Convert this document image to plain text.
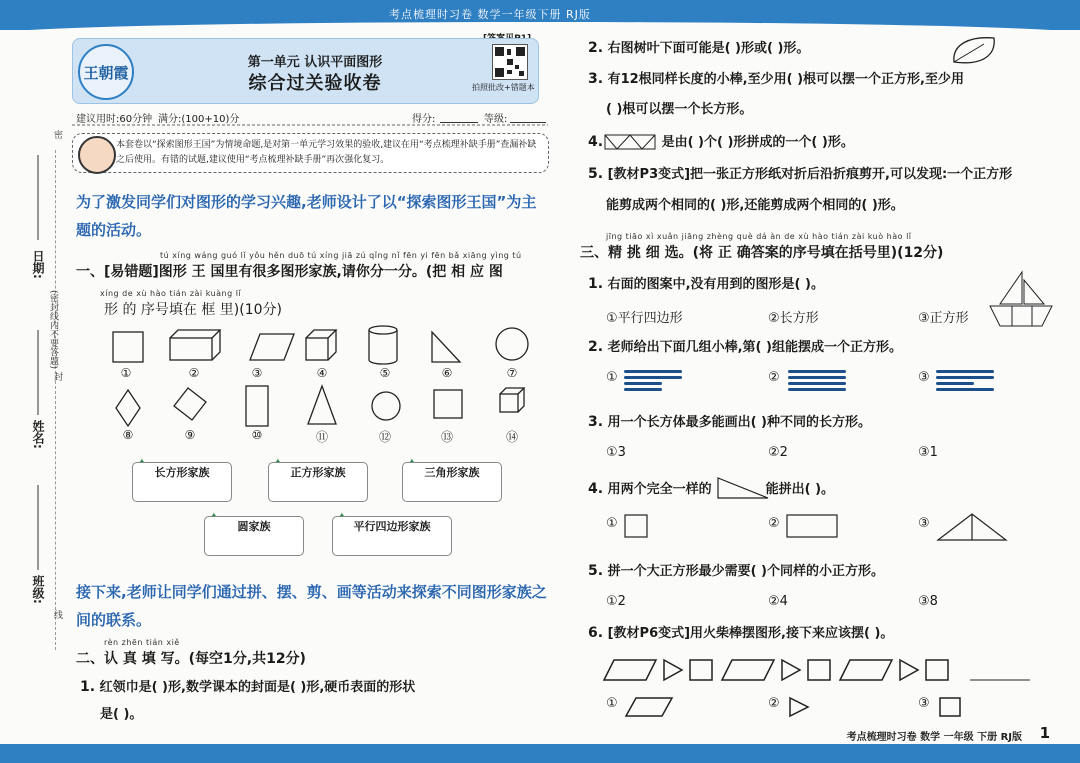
考点梳理时习卷 数学一年级下册 RJ版
日期:
姓名:
班级:
(密封线内不要答题)
密
封
线
王朝霞
第一单元 认识平面图形
综合过关验收卷	拍照批改+错题本
建议用时:60分钟 满分:(100+10)分	得分:	等级:
本套卷以“探索图形王国”为情境命题,是对第一单元学习效果的验收,建议在用“考点梳理补缺手册”查漏补缺之后使用。有错的试题,建议使用“考点梳理补缺手册”再次强化复习。
为了激发同学们对图形的学习兴趣,老师设计了以“探索图形王国”为主题的活动。
tú xíng wáng guó lǐ yǒu hěn duō tú xíng jiā zú qǐng nǐ fēn yi fēn bǎ xiāng yìng tú
一、[易错题]图形 王 国里有很多图形家族,请你分一分。(把 相 应 图
xíng de xù hào tián zài kuàng lǐ
形 的 序号填在 框 里)(10分)
①	②	③	④	⑤	⑥	⑦
⑧	⑨	⑩	⑪	⑫	⑬	⑭
长方形家族	正方形家族	三角形家族
圆家族	平行四边形家族
接下来,老师让同学们通过拼、摆、剪、画等活动来探索不同图形家族之间的联系。
rèn zhēn tián xiě
二、认 真 填 写。(每空1分,共12分)
1. 红领巾是( )形,数学课本的封面是( )形,硬币表面的形状
是( )。
2. 右图树叶下面可能是( )形或( )形。
3. 有12根同样长度的小棒,至少用( )根可以摆一个正方形,至少用
( )根可以摆一个长方形。
4.	是由( )个( )形拼成的一个( )形。
5. [教材P3变式]把一张正方形纸对折后沿折痕剪开,可以发现:一个正方形
能剪成两个相同的( )形,还能剪成两个相同的( )形。
jīng tiāo xì xuǎn jiāng zhèng què dá àn de xù hào tián zài kuò hào lǐ
三、精 挑 细 选。(将 正 确答案的序号填在括号里)(12分)
1. 右面的图案中,没有用到的图形是( )。
①平行四边形	②长方形	③正方形
2. 老师给出下面几组小棒,第( )组能摆成一个正方形。
①	②	③
3. 用一个长方体最多能画出( )种不同的长方形。
①3	②2	③1
4. 用两个完全一样的	能拼出( )。
①	②	③
5. 拼一个大正方形最少需要( )个同样的小正方形。
①2	②4	③8
6. [教材P6变式]用火柴棒摆图形,接下来应该摆( )。
①	②	③
考点梳理时习卷 数学 一年级 下册 RJ版 1
